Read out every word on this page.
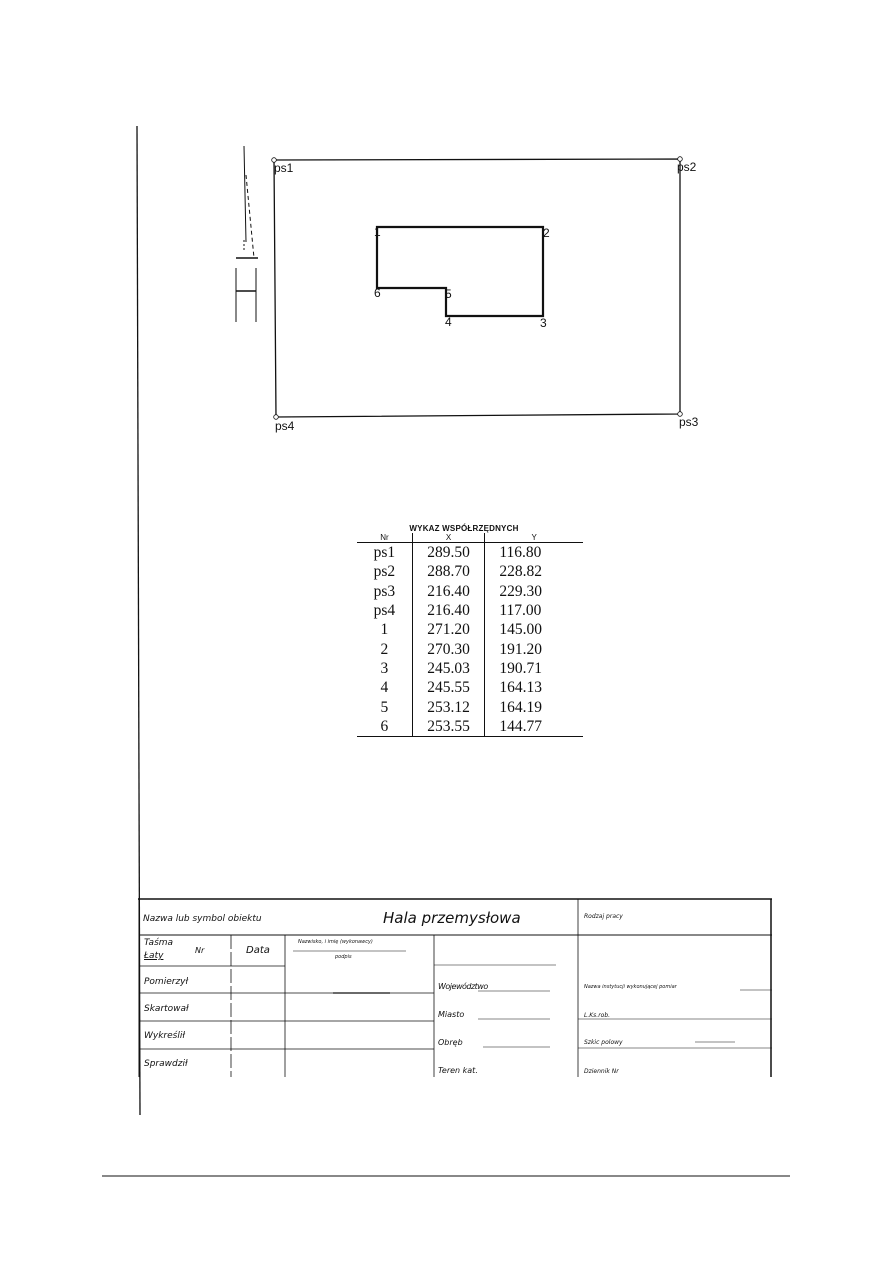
ps1	ps2
ps3
ps4
1	2
3
4
5
6
WYKAZ WSPÓŁRZĘDNYCH
Nr	X	Y
ps1	289.50	116.80
ps2	288.70	228.82
ps3	216.40	229.30
ps4	216.40	117.00
1	271.20	145.00
2	270.30	191.20
3	245.03	190.71
4	245.55	164.13
5	253.12	164.19
6	253.55	144.77
Nazwa lub symbol obiektu	Hala przemysłowa	Rodzaj pracy
Taśma
Łaty
Nr	Data
Nazwisko, i imię (wykonawcy)
podpis
Pomierzył
Skartował
Wykreślił
Sprawdził
Województwo
Miasto
Obręb
Teren kat.
Nazwa instytucji wykonującej pomiar
L.Ks.rob.
Szkic polowy
Dziennik Nr
